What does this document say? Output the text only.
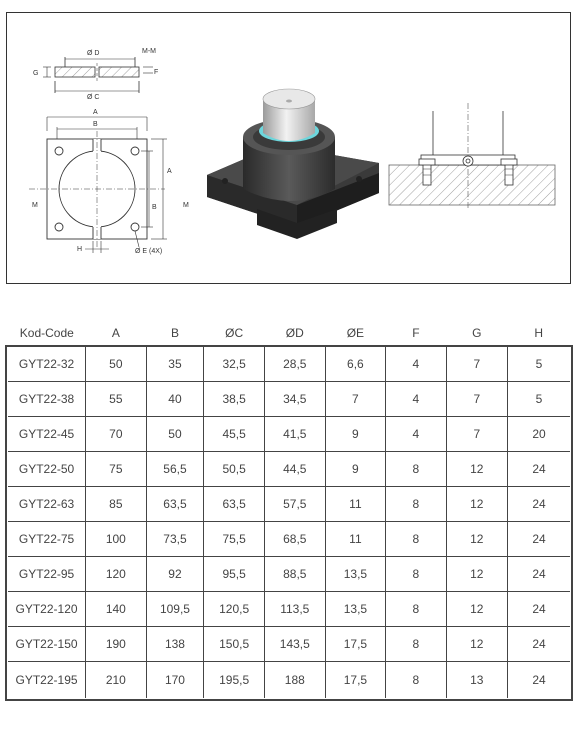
Ø D	M-M
Ø C
G	F
A
B
A
B
M	M
H	Ø E (4X)
Kod-Code	A	B	ØC	ØD	ØE	F	G	H
GYT22-32	50	35	32,5	28,5	6,6	4	7	5
GYT22-38	55	40	38,5	34,5	7	4	7	5
GYT22-45	70	50	45,5	41,5	9	4	7	20
GYT22-50	75	56,5	50,5	44,5	9	8	12	24
GYT22-63	85	63,5	63,5	57,5	11	8	12	24
GYT22-75	100	73,5	75,5	68,5	11	8	12	24
GYT22-95	120	92	95,5	88,5	13,5	8	12	24
GYT22-120	140	109,5	120,5	113,5	13,5	8	12	24
GYT22-150	190	138	150,5	143,5	17,5	8	12	24
GYT22-195	210	170	195,5	188	17,5	8	13	24
